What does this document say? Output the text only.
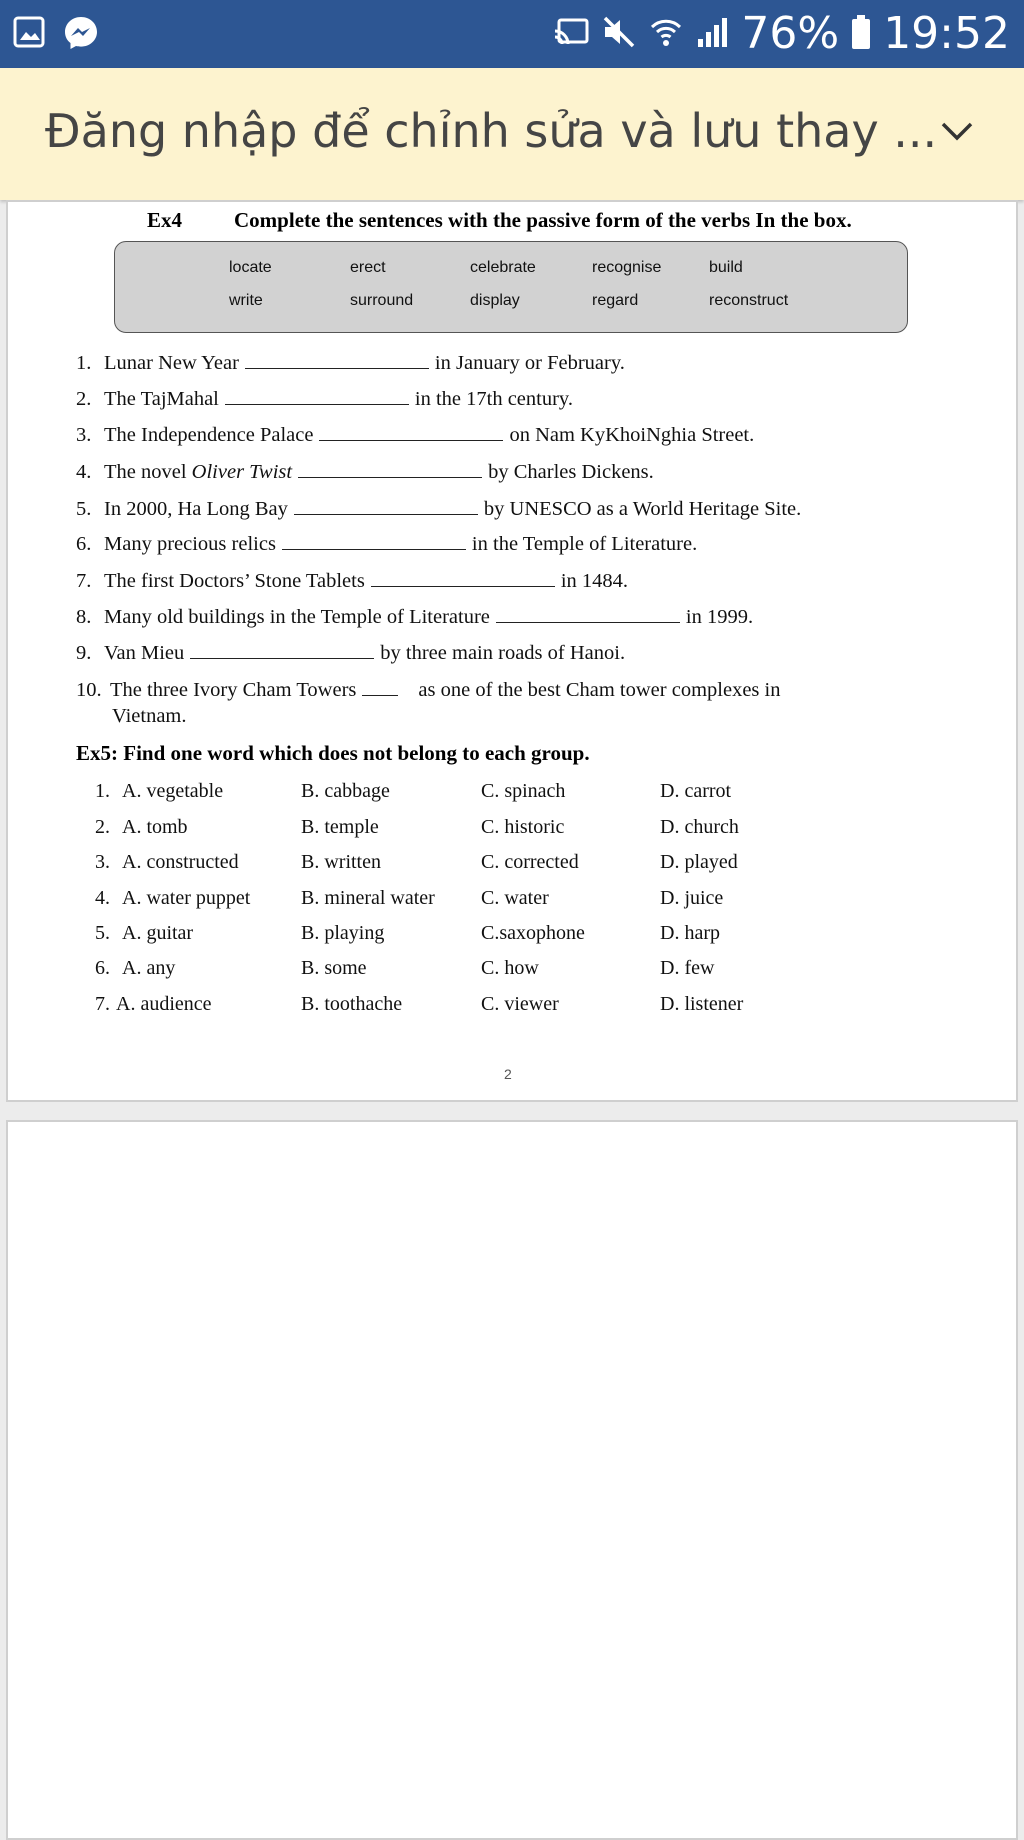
76% 19:52
Đăng nhập để chỉnh sửa và lưu thay ...
Ex4 Complete the sentences with the passive form of the verbs In the box.
locate	erect	celebrate	recognise	build
write	surround	display	regard	reconstruct
1. Lunar New Year	in January or February.
2. The TajMahal	in the 17th century.
3. The Independence Palace	on Nam KyKhoiNghia Street.
4. The novel Oliver Twist	by Charles Dickens.
5. In 2000, Ha Long Bay	by UNESCO as a World Heritage Site.
6. Many precious relics	in the Temple of Literature.
7. The first Doctors’ Stone Tablets	in 1484.
8. Many old buildings in the Temple of Literature	in 1999.
9. Van Mieu	by three main roads of Hanoi.
10. The three Ivory Cham Towers	as one of the best Cham tower complexes in
Vietnam.
Ex5: Find one word which does not belong to each group.
1. A. vegetable	B. cabbage	C. spinach	D. carrot
2. A. tomb	B. temple	C. historic	D. church
3. A. constructed	B. written	C. corrected	D. played
4. A. water puppet	B. mineral water C. water	D. juice
5. A. guitar	B. playing	C.saxophone	D. harp
6. A. any	B. some	C. how	D. few
7. A. audience	B. toothache	C. viewer	D. listener
2
